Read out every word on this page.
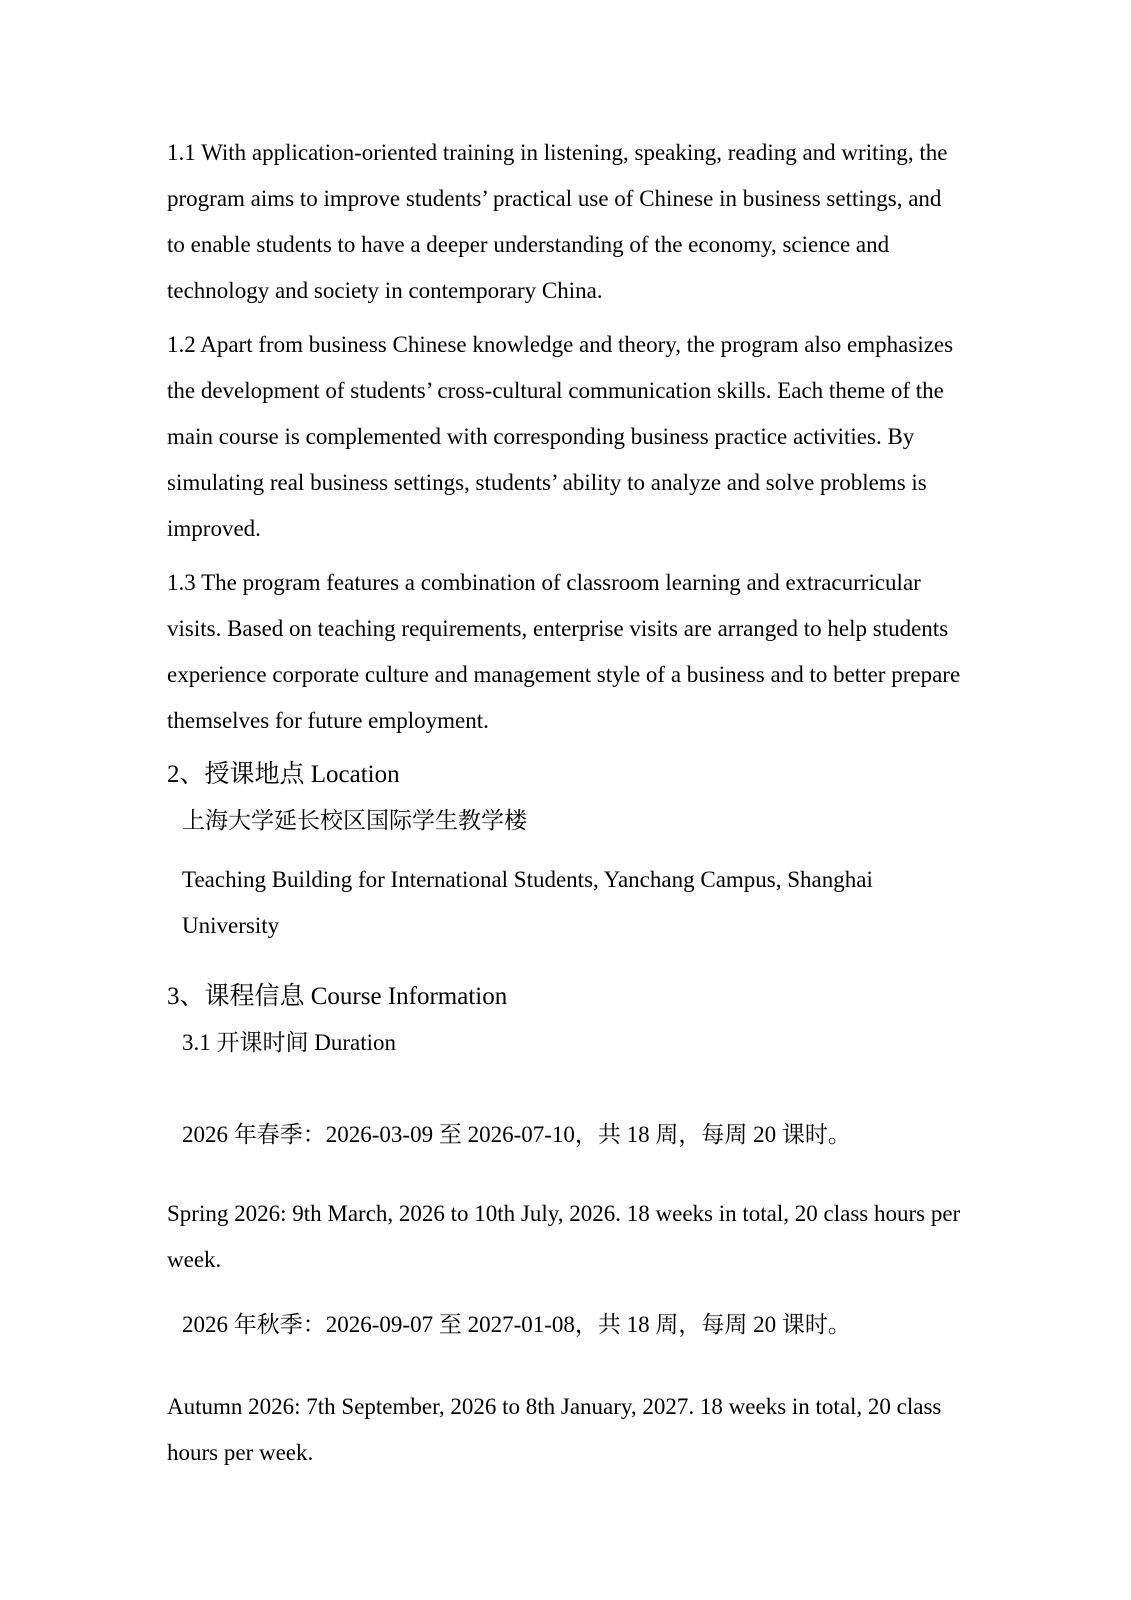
1.1 With application-oriented training in listening, speaking, reading and writing, the program aims to improve students’ practical use of Chinese in business settings, and to enable students to have a deeper understanding of the economy, science and technology and society in contemporary China.

1.2 Apart from business Chinese knowledge and theory, the program also emphasizes the development of students’ cross-cultural communication skills. Each theme of the main course is complemented with corresponding business practice activities. By simulating real business settings, students’ ability to analyze and solve problems is improved.

1.3 The program features a combination of classroom learning and extracurricular visits. Based on teaching requirements, enterprise visits are arranged to help students experience corporate culture and management style of a business and to better prepare themselves for future employment.

2、授课地点 Location

上海大学延长校区国际学生教学楼

Teaching Building for International Students, Yanchang Campus, Shanghai University

3、课程信息 Course Information

3.1 开课时间 Duration

2026 年春季：2026-03-09 至 2026-07-10，共 18 周，每周 20 课时。

Spring 2026: 9th March, 2026 to 10th July, 2026. 18 weeks in total, 20 class hours per week.

2026 年秋季：2026-09-07 至 2027-01-08，共 18 周，每周 20 课时。

Autumn 2026: 7th September, 2026 to 8th January, 2027. 18 weeks in total, 20 class hours per week.
